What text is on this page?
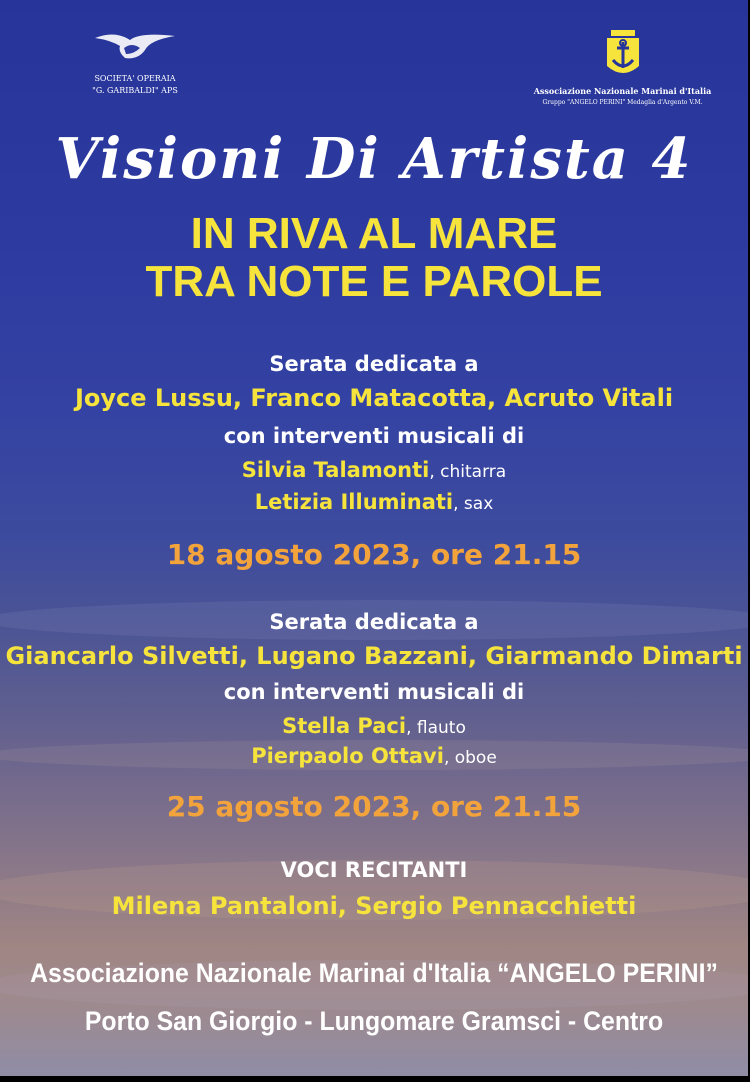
SOCIETA' OPERAIA
"G. GARIBALDI" APS	Associazione Nazionale Marinai d'Italia
Gruppo "ANGELO PERINI" Medaglia d'Argento V.M.
Visioni Di Artista 4
IN RIVA AL MARE
TRA NOTE E PAROLE
Serata dedicata a
Joyce Lussu, Franco Matacotta, Acruto Vitali
con interventi musicali di
Silvia Talamonti, chitarra
Letizia Illuminati, sax
18 agosto 2023, ore 21.15
Serata dedicata a
Giancarlo Silvetti, Lugano Bazzani, Giarmando Dimarti
con interventi musicali di
Stella Paci, flauto
Pierpaolo Ottavi, oboe
25 agosto 2023, ore 21.15
VOCI RECITANTI
Milena Pantaloni, Sergio Pennacchietti
Associazione Nazionale Marinai d'Italia “ANGELO PERINI”
Porto San Giorgio - Lungomare Gramsci - Centro
